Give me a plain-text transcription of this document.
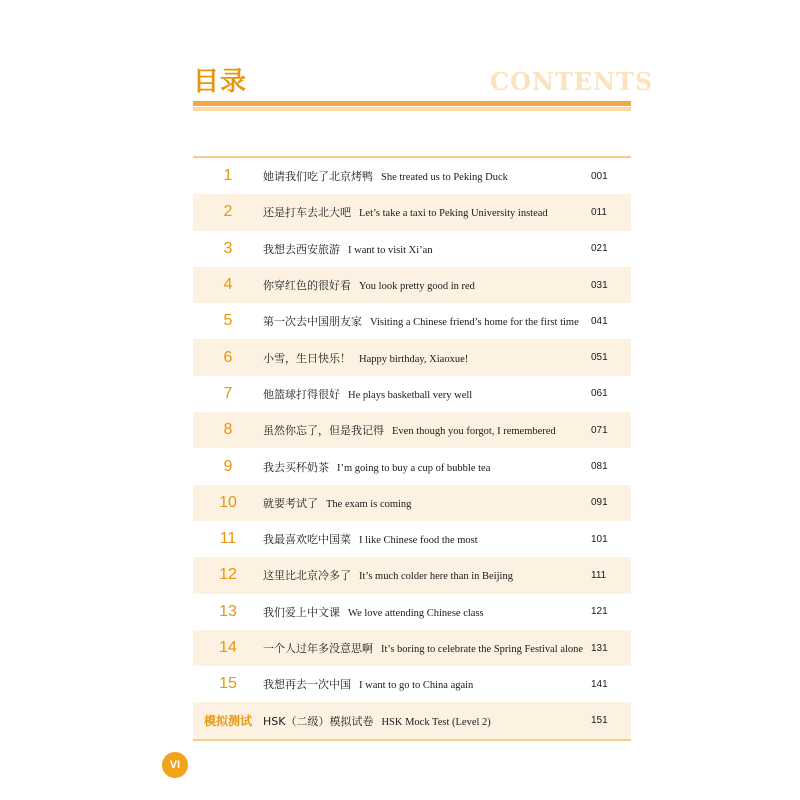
目录	CONTENTS
1	她请我们吃了北京烤鸭 She treated us to Peking Duck	001
2	还是打车去北大吧 Let’s take a taxi to Peking University instead	011
3	我想去西安旅游 I want to visit Xi’an	021
4	你穿红色的很好看 You look pretty good in red	031
5	第一次去中国朋友家 Visiting a Chinese friend’s home for the first time 041
6	小雪，生日快乐！ Happy birthday, Xiaoxue!	051
7	他篮球打得很好 He plays basketball very well	061
8	虽然你忘了，但是我记得 Even though you forgot, I remembered	071
9	我去买杯奶茶 I’m going to buy a cup of bubble tea	081
10	就要考试了 The exam is coming	091
11	我最喜欢吃中国菜 I like Chinese food the most	101
12	这里比北京冷多了 It’s much colder here than in Beijing	111
13	我们爱上中文课 We love attending Chinese class	121
14	一个人过年多没意思啊 It’s boring to celebrate the Spring Festival alone 131
15	我想再去一次中国 I want to go to China again	141
模拟测试	HSK（二级）模拟试卷 HSK Mock Test (Level 2)	151
VI
